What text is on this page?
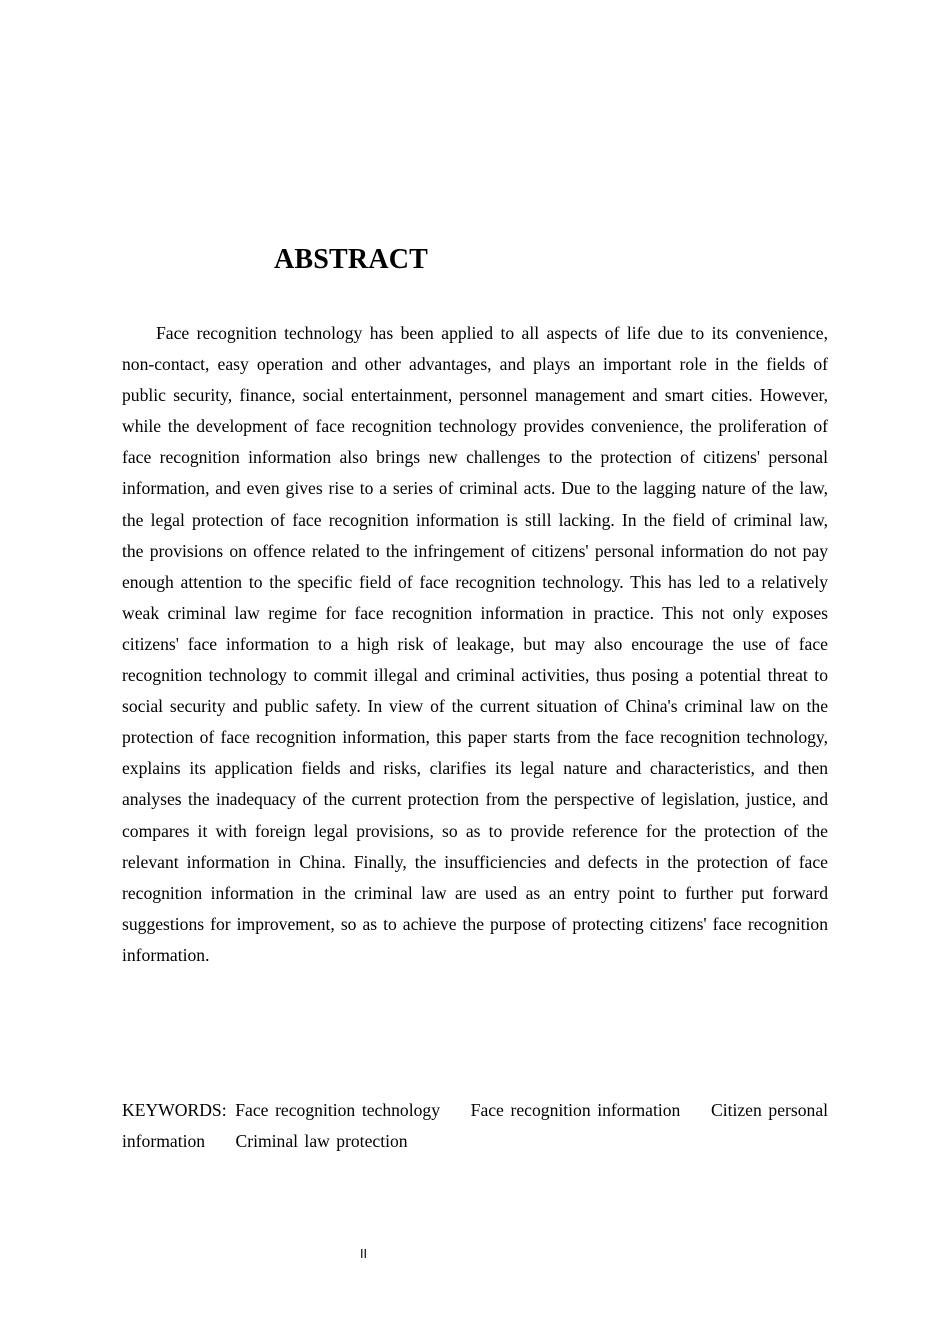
ABSTRACT

Face recognition technology has been applied to all aspects of life due to its convenience, non-contact, easy operation and other advantages, and plays an important role in the fields of public security, finance, social entertainment, personnel management and smart cities. However, while the development of face recognition technology provides convenience, the proliferation of face recognition information also brings new challenges to the protection of citizens' personal information, and even gives rise to a series of criminal acts. Due to the lagging nature of the law, the legal protection of face recognition information is still lacking. In the field of criminal law, the provisions on offence related to the infringement of citizens' personal information do not pay enough attention to the specific field of face recognition technology. This has led to a relatively weak criminal law regime for face recognition information in practice. This not only exposes citizens' face information to a high risk of leakage, but may also encourage the use of face recognition technology to commit illegal and criminal activities, thus posing a potential threat to social security and public safety. In view of the current situation of China's criminal law on the protection of face recognition information, this paper starts from the face recognition technology, explains its application fields and risks, clarifies its legal nature and characteristics, and then analyses the inadequacy of the current protection from the perspective of legislation, justice, and compares it with foreign legal provisions, so as to provide reference for the protection of the relevant information in China. Finally, the insufficiencies and defects in the protection of face recognition information in the criminal law are used as an entry point to further put forward suggestions for improvement, so as to achieve the purpose of protecting citizens' face recognition information.

KEYWORDS: Face recognition technology Face recognition information Citizen personal information Criminal law protection

II
